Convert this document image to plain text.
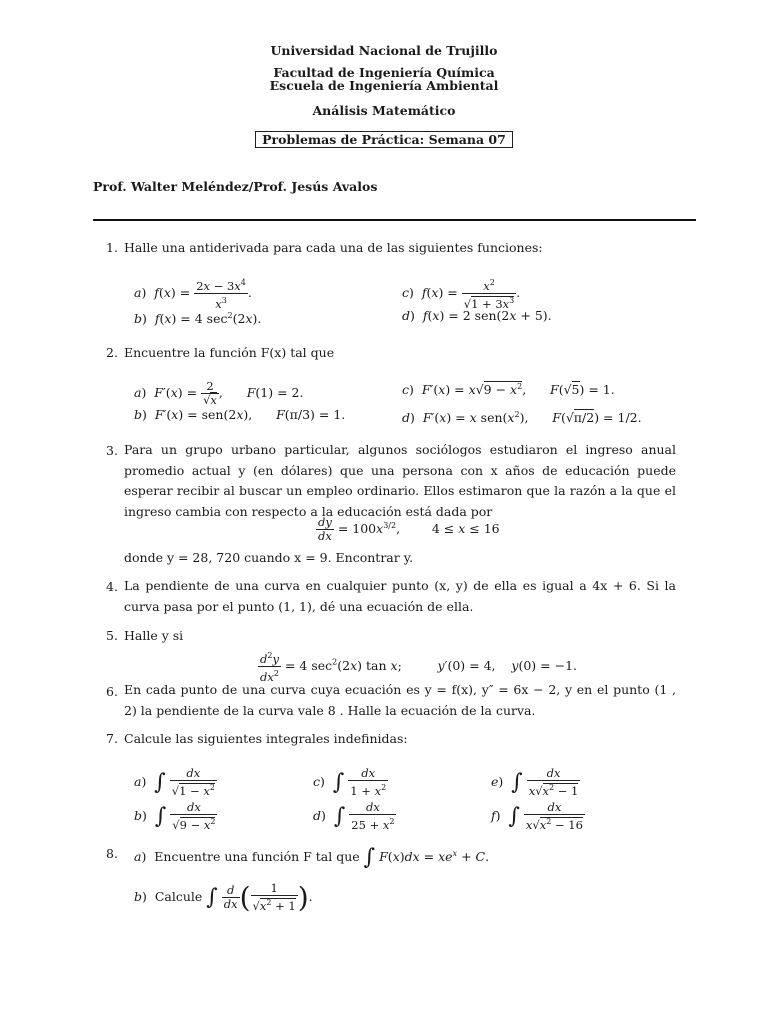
Universidad Nacional de Trujillo
Facultad de Ingeniería Química
Escuela de Ingeniería Ambiental
Análisis Matemático
Problemas de Práctica: Semana 07
Prof. Walter Meléndez/Prof. Jesús Avalos
1. Halle una antiderivada para cada una de las siguientes funciones:
a)  $f(x) = \frac{2x - 3x^4}{x^3}$ .
b)  f(x) = 4 $\sec^2(2x)$.
c)  $f(x) = \frac{x^2}{√1 + 3x^3}$ .
d)  f(x) = 2 sen(2x + 5).
2. Encuentre la función F(x) tal que
a)  $F'(x) = \frac{2}{√x}$ ,      F(1) = 2.
b)  F′(x) = sen(2x),      F(π/3) = 1.
c)  $F'(x) = x√9 - x^2$,      F(√5) = 1.
d)  F′(x) = x $sen(x^2)$,      F(√π/2) = 1/2.
3. Para un grupo urbano particular, algunos sociólogos estudiaron el ingreso anual promedio actual y (en dólares) que una persona con x años de educación puede esperar recibir al buscar un empleo ordinario. Ellos estimaron que la razón a la que el ingreso cambia con respecto a la educación está dada por
$\frac{dy}{dx} = 100x^{3/2}$,        4 ≤ x ≤ 16
donde y = 28, 720 cuando x = 9. Encontrar y.
4. La pendiente de una curva en cualquier punto (x, y) de ella es igual a 4x + 6. Si la curva pasa por el punto (1, 1), dé una ecuación de ella.
5. Halle y si
$\frac{d^2y}{dx^2} = 4$ $\sec^2(2x)$ tan x;         y′(0) = 4,    y(0) = −1.
6. En cada punto de una curva cuya ecuación es y = f(x), y″ = 6x − 2, y en el punto (1 , 2) la pendiente de la curva vale 8 . Halle la ecuación de la curva.
7. Calcule las siguientes integrales indefinidas:
a)  ∫ $\frac{dx}{√1 - x^2}$
b)  ∫ $\frac{dx}{√9 - x^2}$
c)  ∫ $\frac{dx}{1 + x^2}$
d)  ∫ $\frac{dx}{25 + x^2}$
e)  ∫ $\frac{dx}{x√x^2 - 1}$
f)  ∫ $\frac{dx}{x√x^2 - 16}$
8. a)  Encuentre una función F tal que ∫ $F(x)dx = xe^x + C$.
b)  Calcule ∫ $\frac{d}{dx}$ ( $\frac{1}{√x^2 + 1}$ ).
